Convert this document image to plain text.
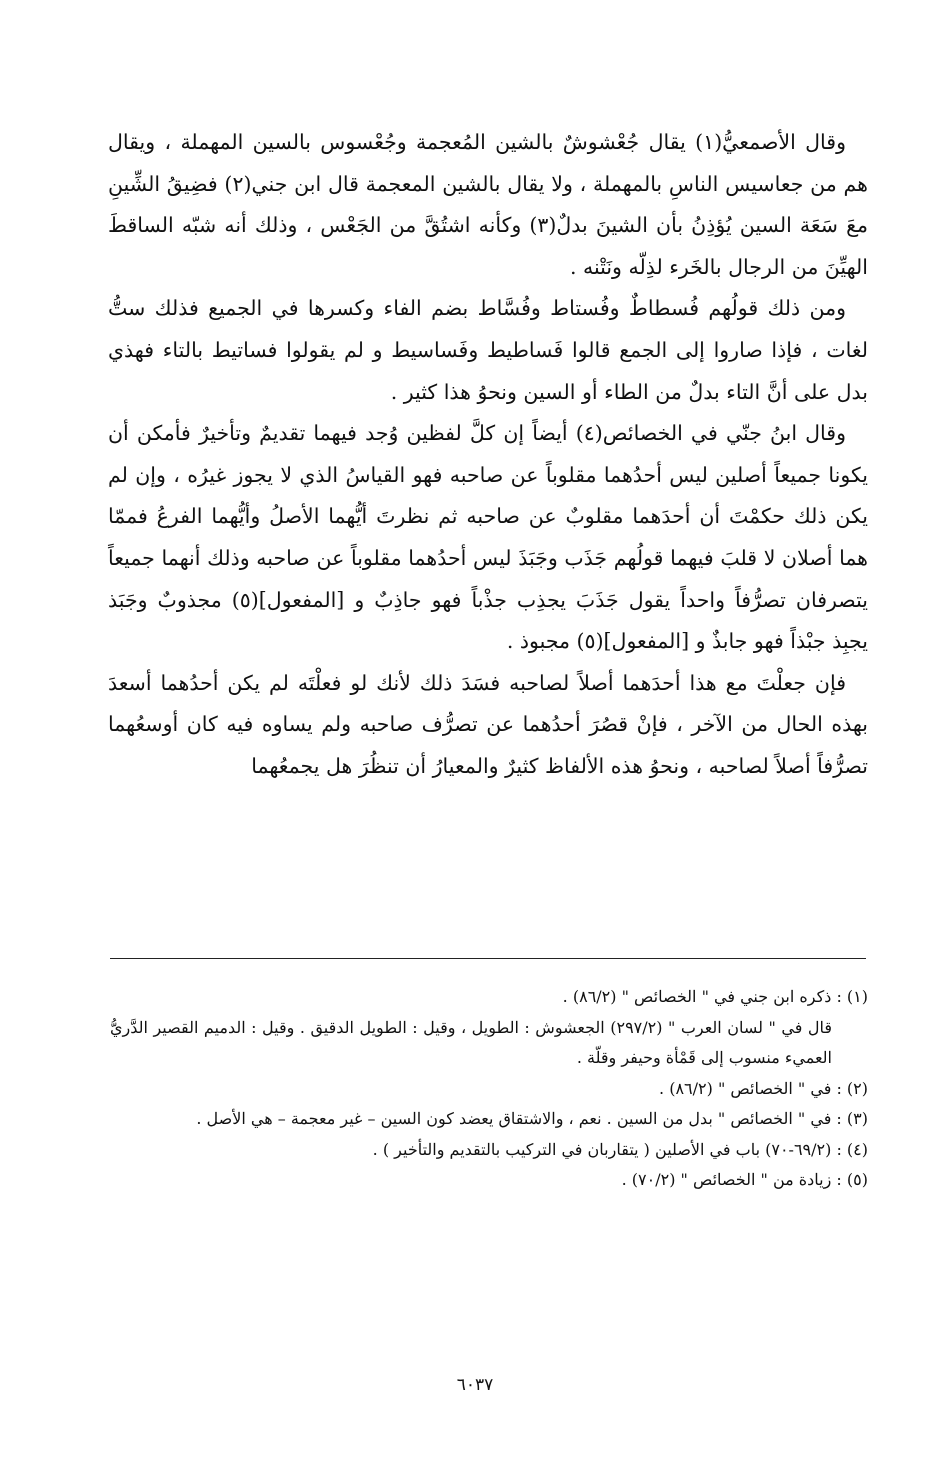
وقال الأصمعيُّ(١) يقال جُعْشوشٌ بالشين المُعجمة وجُعْسوس بالسين المهملة ، ويقال هم من جعاسيس الناسِ بالمهملة ، ولا يقال بالشين المعجمة قال ابن جني(٢) فضِيقُ الشِّينِ معَ سَعَة السين يُؤذِنُ بأن الشينَ بدلٌ(٣) وكأنه اشتُقَّ من الجَعْس ، وذلك أنه شبّه الساقطَ الهيِّنَ من الرجال بالخَرء لذِلّه ونَتْنه .

ومن ذلك قولُهم فُسطاطٌ وفُستاط وفُسَّاط بضم الفاء وكسرها في الجميع فذلك ستُّ لغات ، فإذا صاروا إلى الجمع قالوا فَساطيط وفَساسيط و لم يقولوا فساتيط بالتاء فهذي بدل على أنَّ التاء بدلٌ من الطاء أو السين ونحوُ هذا كثير .

وقال ابنُ جنّي في الخصائص(٤) أيضاً إن كلَّ لفظين وُجد فيهما تقديمٌ وتأخيرٌ فأمكن أن يكونا جميعاً أصلين ليس أحدُهما مقلوباً عن صاحبه فهو القياسُ الذي لا يجوز غيرُه ، وإن لم يكن ذلك حكمْتَ أن أحدَهما مقلوبٌ عن صاحبه ثم نظرتَ أيُّهما الأصلُ وأيُّهما الفرعُ فممّا هما أصلان لا قلبَ فيهما قولُهم جَذَب وجَبَذَ ليس أحدُهما مقلوباً عن صاحبه وذلك أنهما جميعاً يتصرفان تصرُّفاً واحداً يقول جَذَبَ يجذِب جذْباً فهو جاذِبٌ و [المفعول](٥) مجذوبٌ وجَبَذ يجبِذ جبْذاً فهو جابذٌ و [المفعول](٥) مجبوذ .

فإن جعلْتَ مع هذا أحدَهما أصلاً لصاحبه فسَدَ ذلك لأنك لو فعلْتَه لم يكن أحدُهما أسعدَ بهذه الحال من الآخر ، فإنْ قصُرَ أحدُهما عن تصرُّف صاحبه ولم يساوه فيه كان أوسعُهما تصرُّفاً أصلاً لصاحبه ، ونحوُ هذه الألفاظ كثيرٌ والمعيارُ أن تنظُرَ هل يجمعُهما

(١) : ذكره ابن جني في " الخصائص " (٨٦/٢) .

قال في " لسان العرب " (٢٩٧/٢) الجعشوش : الطويل ، وقيل : الطويل الدقيق . وقيل : الدميم القصير الدَّريُّ العميء منسوب إلى قَمْأة وحيفر وقلّة .

(٢) : في " الخصائص " (٨٦/٢) .

(٣) : في " الخصائص " بدل من السين . نعم ، والاشتقاق يعضد كون السين – غير معجمة – هي الأصل .

(٤) : (٦٩/٢-٧٠) باب في الأصلين ( يتقاربان في التركيب بالتقديم والتأخير ) .

(٥) : زيادة من " الخصائص " (٧٠/٢) .

٦٠٣٧
